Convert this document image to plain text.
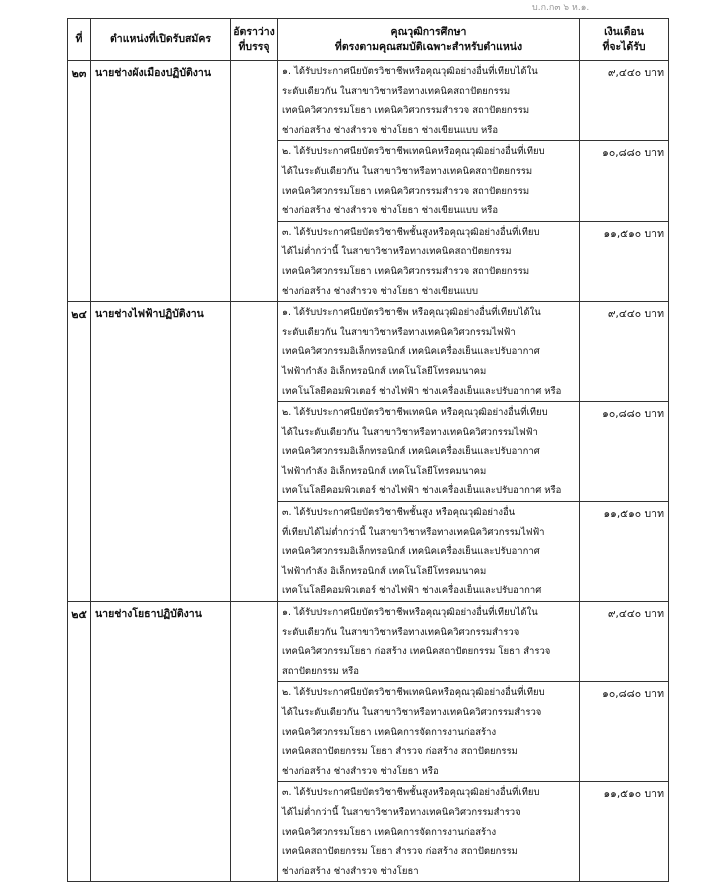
บ.ก.ก๓ ๖ ห.๑.
ที่	ตำแหน่งที่เปิดรับสมัคร	อัตราว่าง
ที่บรรจุ	คุณวุฒิการศึกษา
ที่ตรงตามคุณสมบัติเฉพาะสำหรับตำแหน่ง	เงินเดือน
ที่จะได้รับ
๒๓	นายช่างผังเมืองปฏิบัติงาน		๑. ได้รับประกาศนียบัตรวิชาชีพหรือคุณวุฒิอย่างอื่นที่เทียบได้ใน
ระดับเดียวกัน ในสาขาวิชาหรือทางเทคนิคสถาปัตยกรรม
เทคนิควิศวกรรมโยธา เทคนิควิศวกรรมสำรวจ สถาปัตยกรรม
ช่างก่อสร้าง ช่างสำรวจ ช่างโยธา ช่างเขียนแบบ หรือ	๙,๔๔๐ บาท

			๒. ได้รับประกาศนียบัตรวิชาชีพเทคนิคหรือคุณวุฒิอย่างอื่นที่เทียบ
ได้ในระดับเดียวกัน ในสาขาวิชาหรือทางเทคนิคสถาปัตยกรรม
เทคนิควิศวกรรมโยธา เทคนิควิศวกรรมสำรวจ สถาปัตยกรรม
ช่างก่อสร้าง ช่างสำรวจ ช่างโยธา ช่างเขียนแบบ หรือ	๑๐,๘๘๐ บาท

			๓. ได้รับประกาศนียบัตรวิชาชีพชั้นสูงหรือคุณวุฒิอย่างอื่นที่เทียบ
ได้ไม่ต่ำกว่านี้ ในสาขาวิชาหรือทางเทคนิคสถาปัตยกรรม
เทคนิควิศวกรรมโยธา เทคนิควิศวกรรมสำรวจ สถาปัตยกรรม
ช่างก่อสร้าง ช่างสำรวจ ช่างโยธา ช่างเขียนแบบ	๑๑,๕๑๐ บาท
๒๔	นายช่างไฟฟ้าปฏิบัติงาน		๑. ได้รับประกาศนียบัตรวิชาชีพ หรือคุณวุฒิอย่างอื่นที่เทียบได้ใน
ระดับเดียวกัน ในสาขาวิชาหรือทางเทคนิควิศวกรรมไฟฟ้า
เทคนิควิศวกรรมอิเล็กทรอนิกส์ เทคนิคเครื่องเย็นและปรับอากาศ
ไฟฟ้ากำลัง อิเล็กทรอนิกส์ เทคโนโลยีโทรคมนาคม
เทคโนโลยีคอมพิวเตอร์ ช่างไฟฟ้า ช่างเครื่องเย็นและปรับอากาศ หรือ	๙,๔๔๐ บาท

			๒. ได้รับประกาศนียบัตรวิชาชีพเทคนิค หรือคุณวุฒิอย่างอื่นที่เทียบ
ได้ในระดับเดียวกัน ในสาขาวิชาหรือทางเทคนิควิศวกรรมไฟฟ้า
เทคนิควิศวกรรมอิเล็กทรอนิกส์ เทคนิคเครื่องเย็นและปรับอากาศ
ไฟฟ้ากำลัง อิเล็กทรอนิกส์ เทคโนโลยีโทรคมนาคม
เทคโนโลยีคอมพิวเตอร์ ช่างไฟฟ้า ช่างเครื่องเย็นและปรับอากาศ หรือ	๑๐,๘๘๐ บาท

			๓. ได้รับประกาศนียบัตรวิชาชีพชั้นสูง หรือคุณวุฒิอย่างอื่น
ที่เทียบได้ไม่ต่ำกว่านี้ ในสาขาวิชาหรือทางเทคนิควิศวกรรมไฟฟ้า
เทคนิควิศวกรรมอิเล็กทรอนิกส์ เทคนิคเครื่องเย็นและปรับอากาศ
ไฟฟ้ากำลัง อิเล็กทรอนิกส์ เทคโนโลยีโทรคมนาคม
เทคโนโลยีคอมพิวเตอร์ ช่างไฟฟ้า ช่างเครื่องเย็นและปรับอากาศ	๑๑,๕๑๐ บาท
๒๕	นายช่างโยธาปฏิบัติงาน		๑. ได้รับประกาศนียบัตรวิชาชีพหรือคุณวุฒิอย่างอื่นที่เทียบได้ใน
ระดับเดียวกัน ในสาขาวิชาหรือทางเทคนิควิศวกรรมสำรวจ
เทคนิควิศวกรรมโยธา ก่อสร้าง เทคนิคสถาปัตยกรรม โยธา สำรวจ
สถาปัตยกรรม หรือ	๙,๔๔๐ บาท

			๒. ได้รับประกาศนียบัตรวิชาชีพเทคนิคหรือคุณวุฒิอย่างอื่นที่เทียบ
ได้ในระดับเดียวกัน ในสาขาวิชาหรือทางเทคนิควิศวกรรมสำรวจ
เทคนิควิศวกรรมโยธา เทคนิคการจัดการงานก่อสร้าง
เทคนิคสถาปัตยกรรม โยธา สำรวจ ก่อสร้าง สถาปัตยกรรม
ช่างก่อสร้าง ช่างสำรวจ ช่างโยธา หรือ	๑๐,๘๘๐ บาท

			๓. ได้รับประกาศนียบัตรวิชาชีพชั้นสูงหรือคุณวุฒิอย่างอื่นที่เทียบ
ได้ไม่ต่ำกว่านี้ ในสาขาวิชาหรือทางเทคนิควิศวกรรมสำรวจ
เทคนิควิศวกรรมโยธา เทคนิคการจัดการงานก่อสร้าง
เทคนิคสถาปัตยกรรม โยธา สำรวจ ก่อสร้าง สถาปัตยกรรม
ช่างก่อสร้าง ช่างสำรวจ ช่างโยธา	๑๑,๕๑๐ บาท
